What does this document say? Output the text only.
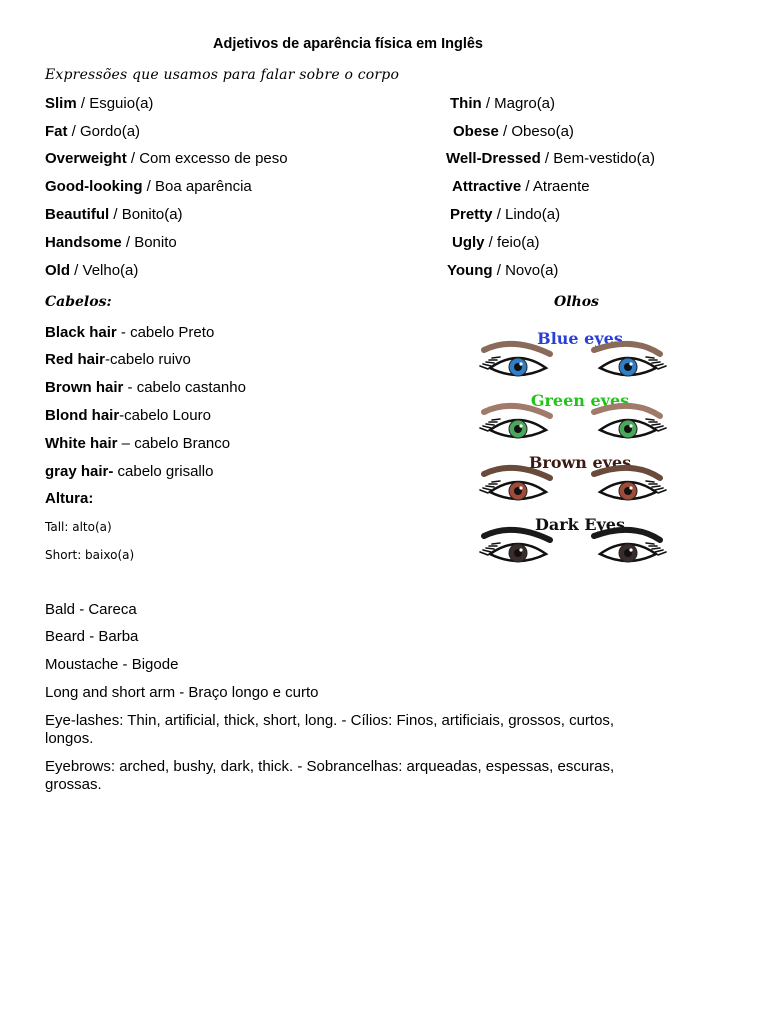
Adjetivos de aparência física em Inglês
Expressões que usamos para falar sobre o corpo
Slim / Esguio(a)
Fat / Gordo(a)
Overweight / Com excesso de peso
Good-looking / Boa aparência
Beautiful / Bonito(a)
Handsome / Bonito
Old / Velho(a)
Thin / Magro(a)
Obese / Obeso(a)
Well-Dressed / Bem-vestido(a)
Attractive / Atraente
Pretty / Lindo(a)
Ugly / feio(a)
Young / Novo(a)
Cabelos:	Olhos
Black hair - cabelo Preto
Red hair-cabelo ruivo
Brown hair - cabelo castanho
Blond hair-cabelo Louro
White hair – cabelo Branco
gray hair- cabelo grisallo
Altura:
Tall: alto(a)
Short: baixo(a)
Blue eyes
Green eyes
Brown eyes
Dark Eyes
Bald - Careca
Beard - Barba
Moustache - Bigode
Long and short arm - Braço longo e curto
Eye-lashes: Thin, artificial, thick, short, long. - Cílios: Finos, artificiais, grossos, curtos, longos.
Eyebrows: arched, bushy, dark, thick. - Sobrancelhas: arqueadas, espessas, escuras, grossas.
